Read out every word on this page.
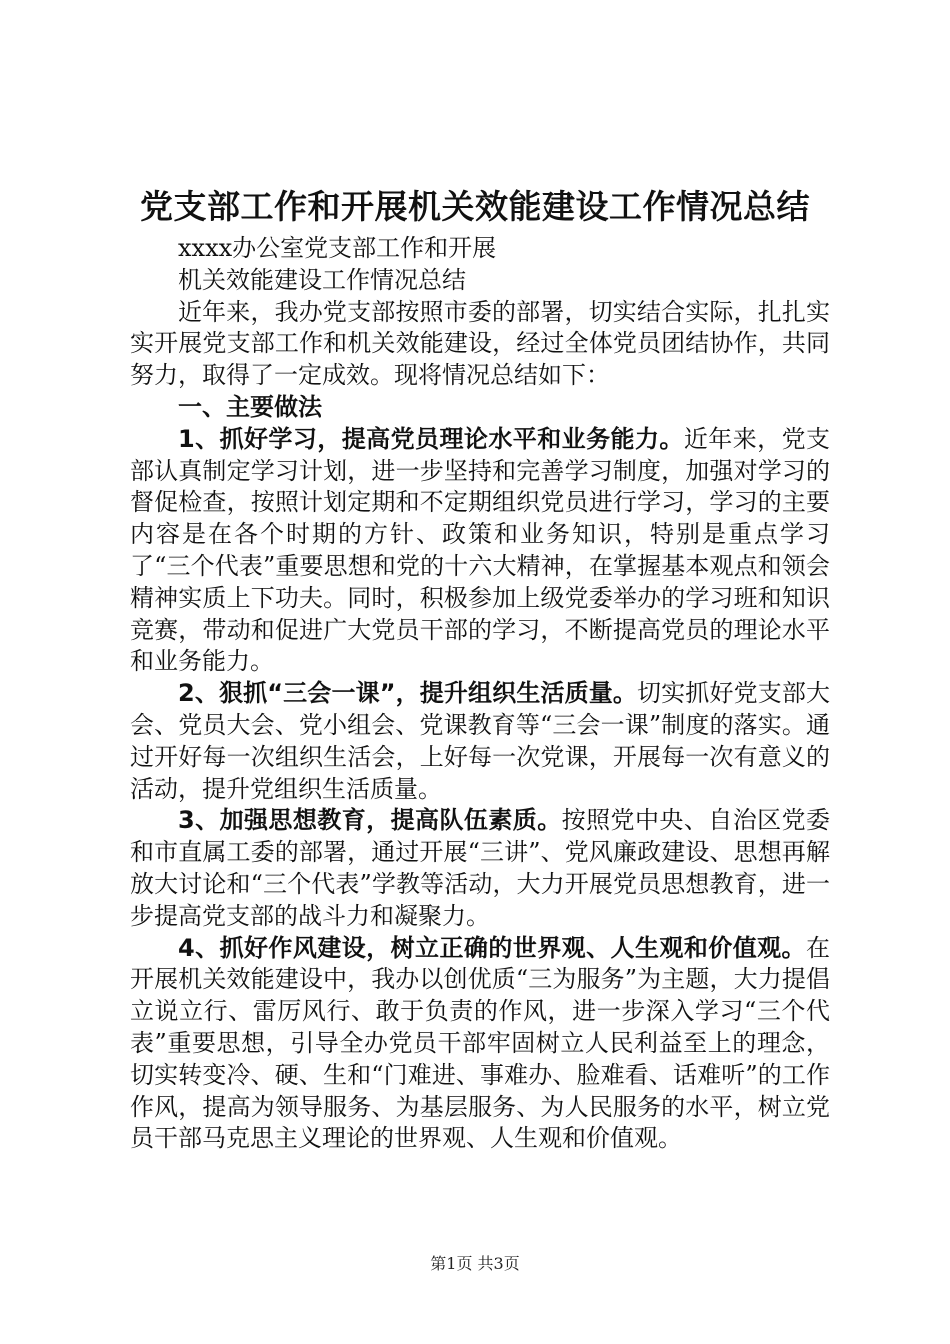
党支部工作和开展机关效能建设工作情况总结

xxxx办公室党支部工作和开展

机关效能建设工作情况总结

近年来，我办党支部按照市委的部署，切实结合实际，扎扎实实开展党支部工作和机关效能建设，经过全体党员团结协作，共同努力，取得了一定成效。现将情况总结如下：

一、主要做法

1、抓好学习，提高党员理论水平和业务能力。近年来，党支部认真制定学习计划，进一步坚持和完善学习制度，加强对学习的督促检查，按照计划定期和不定期组织党员进行学习，学习的主要内容是在各个时期的方针、政策和业务知识，特别是重点学习了“三个代表”重要思想和党的十六大精神，在掌握基本观点和领会精神实质上下功夫。同时，积极参加上级党委举办的学习班和知识竞赛，带动和促进广大党员干部的学习，不断提高党员的理论水平和业务能力。

2、狠抓“三会一课”，提升组织生活质量。切实抓好党支部大会、党员大会、党小组会、党课教育等“三会一课”制度的落实。通过开好每一次组织生活会，上好每一次党课，开展每一次有意义的活动，提升党组织生活质量。

3、加强思想教育，提高队伍素质。按照党中央、自治区党委和市直属工委的部署，通过开展“三讲”、党风廉政建设、思想再解放大讨论和“三个代表”学教等活动，大力开展党员思想教育，进一步提高党支部的战斗力和凝聚力。

4、抓好作风建设，树立正确的世界观、人生观和价值观。在开展机关效能建设中，我办以创优质“三为服务”为主题，大力提倡立说立行、雷厉风行、敢于负责的作风，进一步深入学习“三个代表”重要思想，引导全办党员干部牢固树立人民利益至上的理念，切实转变冷、硬、生和“门难进、事难办、脸难看、话难听”的工作作风，提高为领导服务、为基层服务、为人民服务的水平，树立党员干部马克思主义理论的世界观、人生观和价值观。

第1页 共3页
